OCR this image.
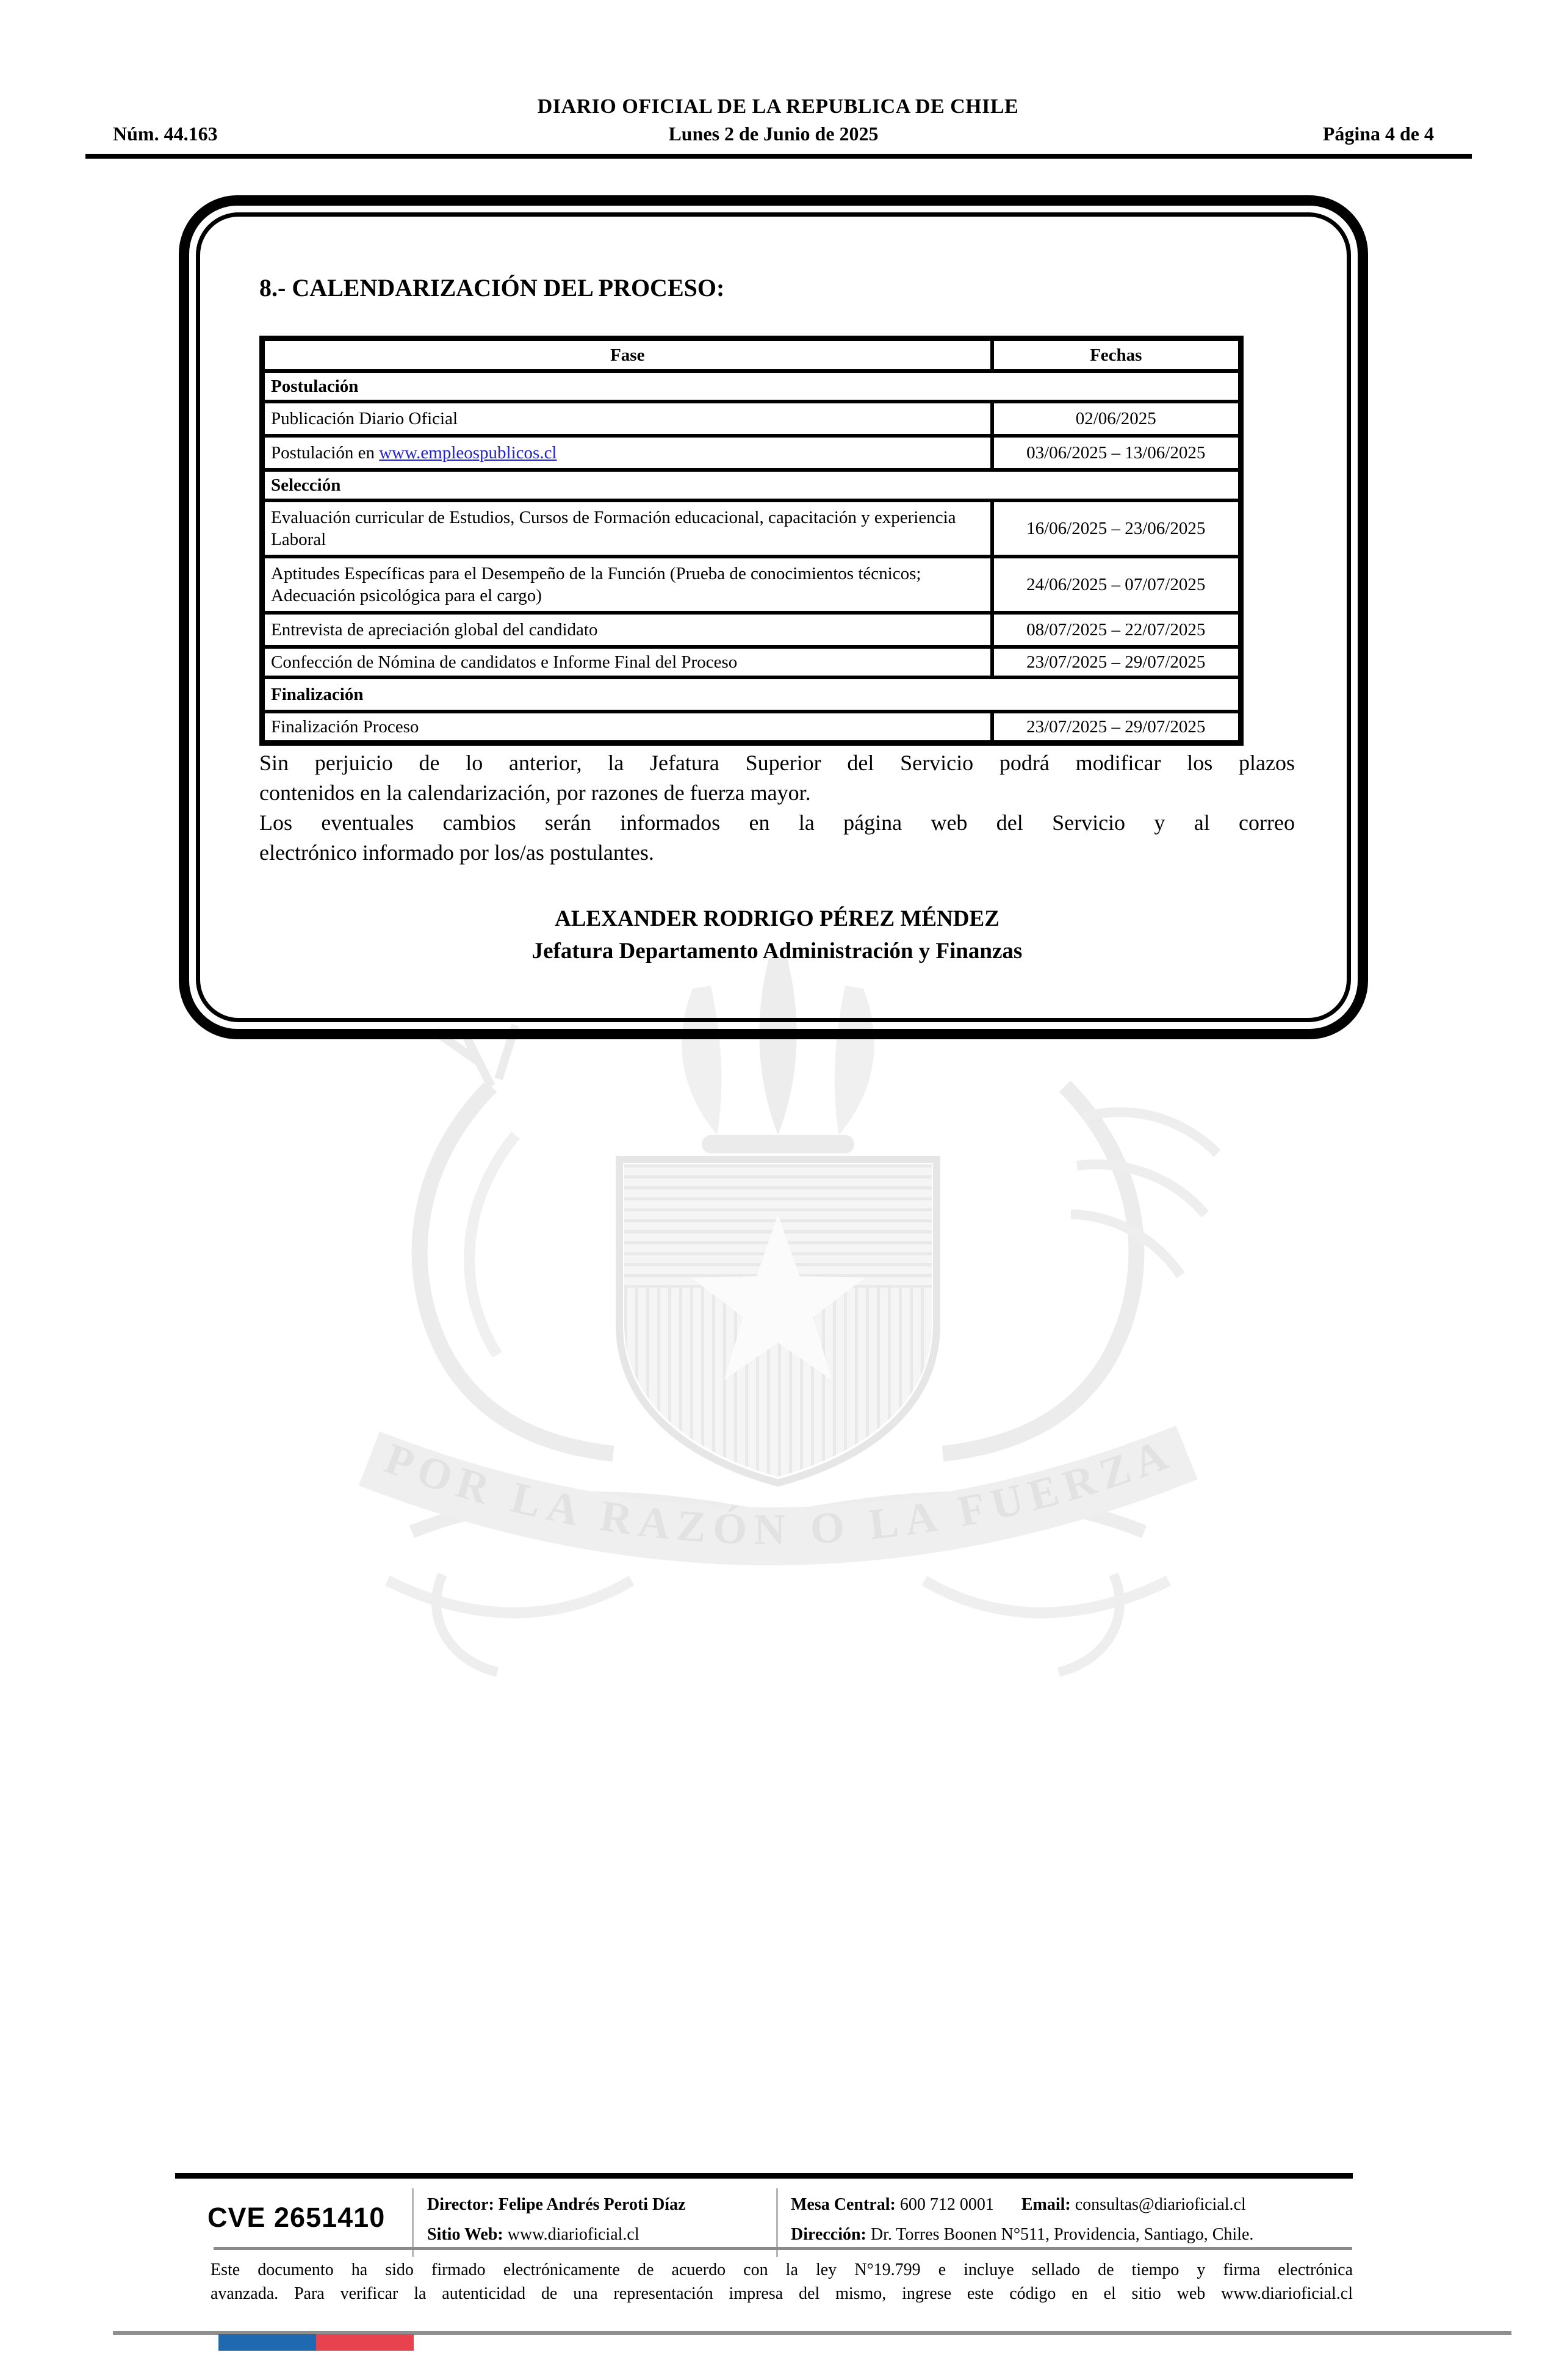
DIARIO OFICIAL DE LA REPUBLICA DE CHILE
Núm. 44.163	Lunes 2 de Junio de 2025	Página 4 de 4
POR LA RAZÓN O LA FUERZA
8.- CALENDARIZACIÓN DEL PROCESO:
Fase	Fechas
Postulación	
Publicación Diario Oficial	02/06/2025
Postulación en www.empleospublicos.cl	03/06/2025 – 13/06/2025
Selección	
Evaluación curricular de Estudios, Cursos de Formación educacional, capacitación y experiencia Laboral	16/06/2025 – 23/06/2025
Aptitudes Específicas para el Desempeño de la Función (Prueba de conocimientos técnicos; Adecuación psicológica para el cargo)	24/06/2025 – 07/07/2025
Entrevista de apreciación global del candidato	08/07/2025 – 22/07/2025
Confección de Nómina de candidatos e Informe Final del Proceso	23/07/2025 – 29/07/2025
Finalización	
Finalización Proceso	23/07/2025 – 29/07/2025
Sin perjuicio de lo anterior, la Jefatura Superior del Servicio podrá modificar los plazos
contenidos en la calendarización, por razones de fuerza mayor.
Los eventuales cambios serán informados en la página web del Servicio y al correo
electrónico informado por los/as postulantes.
ALEXANDER RODRIGO PÉREZ MÉNDEZ
Jefatura Departamento Administración y Finanzas
CVE 2651410 Director: Felipe Andrés Peroti Díaz
Sitio Web: www.diarioficial.cl
Mesa Central: 600 712 0001 Email: consultas@diarioficial.cl
Dirección: Dr. Torres Boonen N°511, Providencia, Santiago, Chile.
Este documento ha sido firmado electrónicamente de acuerdo con la ley N°19.799 e incluye sellado de tiempo y firma electrónica
avanzada. Para verificar la autenticidad de una representación impresa del mismo, ingrese este código en el sitio web www.diarioficial.cl
